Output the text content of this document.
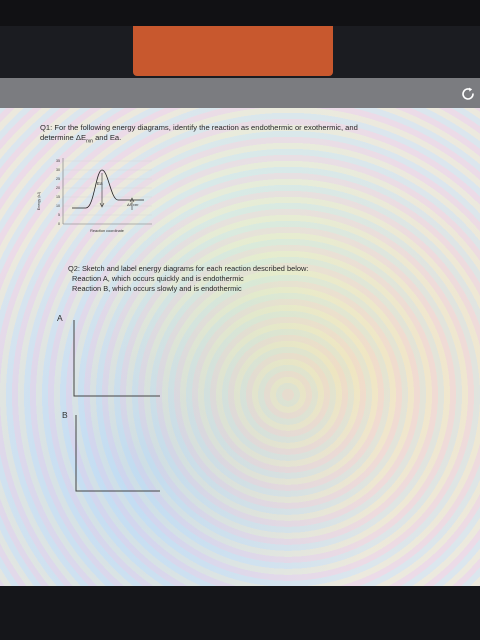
Q1: For the following energy diagrams, identify the reaction as endothermic or exothermic, and
determine $\Delta E_{rxn}$ and Ea.
Energy (kJ)
35
30
25
20
15
10
5
0
Ea
ΔE rxn
Reaction coordinate
Q2: Sketch and label energy diagrams for each reaction described below:
Reaction A, which occurs quickly and is endothermic
Reaction B, which occurs slowly and is endothermic
A
B
